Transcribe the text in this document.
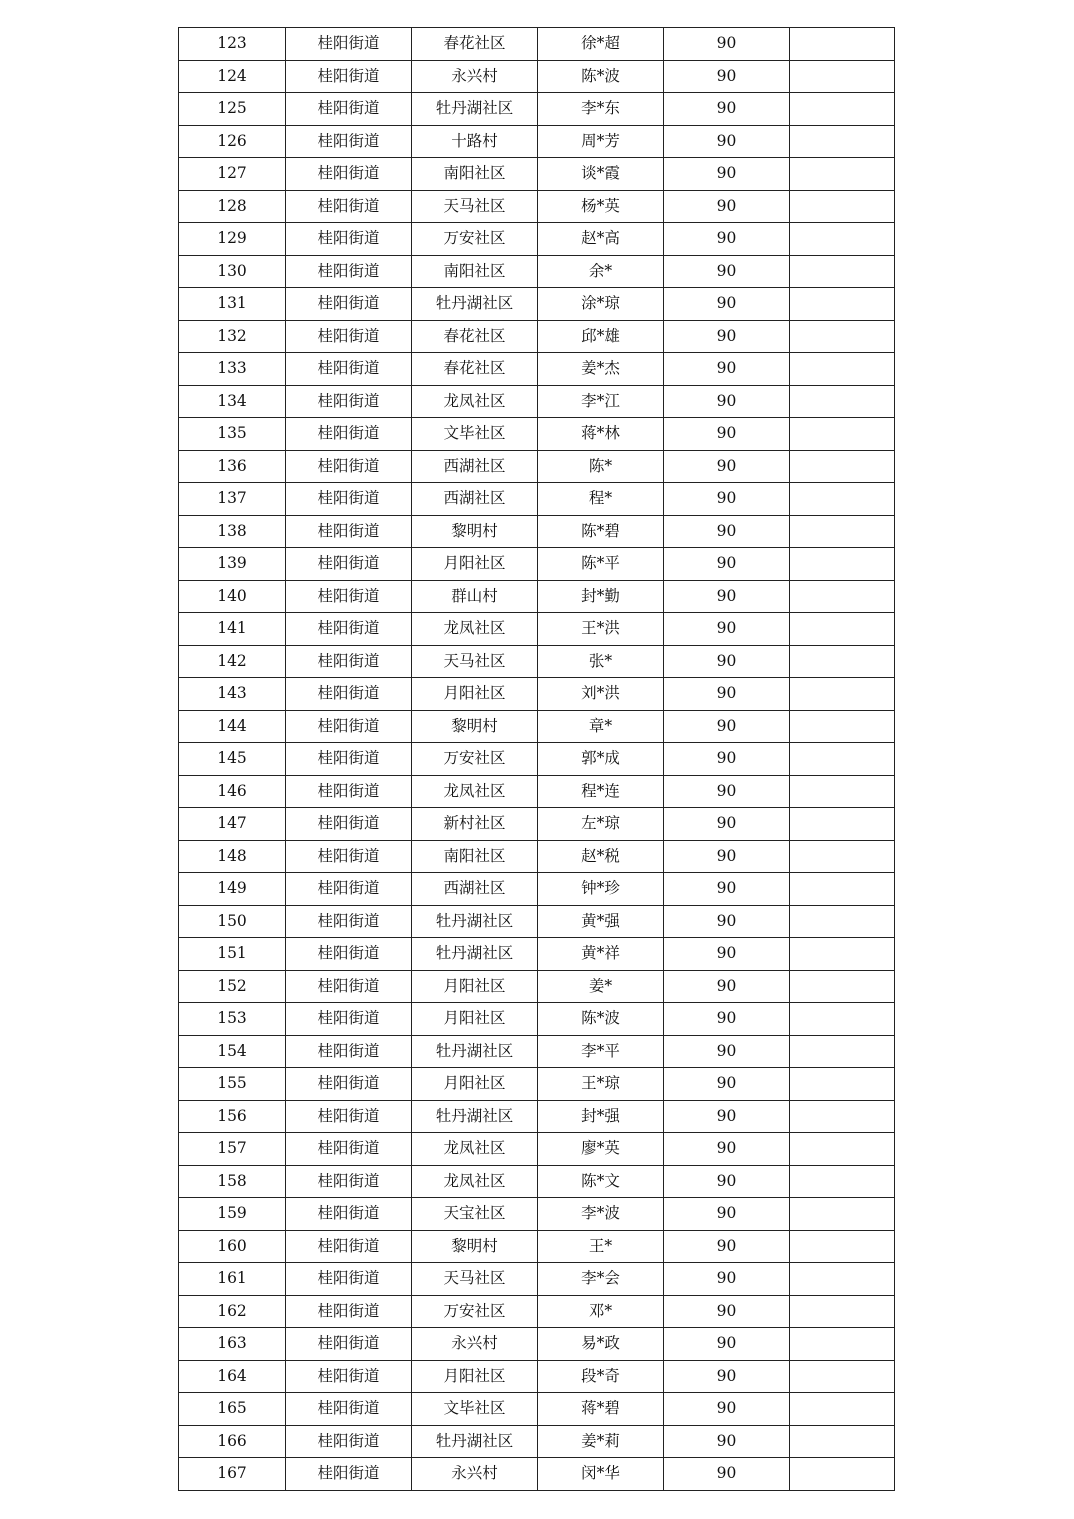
123	桂阳街道	春花社区	徐*超	90	
124	桂阳街道	永兴村	陈*波	90	
125	桂阳街道	牡丹湖社区	李*东	90	
126	桂阳街道	十路村	周*芳	90	
127	桂阳街道	南阳社区	谈*霞	90	
128	桂阳街道	天马社区	杨*英	90	
129	桂阳街道	万安社区	赵*高	90	
130	桂阳街道	南阳社区	余*	90	
131	桂阳街道	牡丹湖社区	涂*琼	90	
132	桂阳街道	春花社区	邱*雄	90	
133	桂阳街道	春花社区	姜*杰	90	
134	桂阳街道	龙凤社区	李*江	90	
135	桂阳街道	文毕社区	蒋*林	90	
136	桂阳街道	西湖社区	陈*	90	
137	桂阳街道	西湖社区	程*	90	
138	桂阳街道	黎明村	陈*碧	90	
139	桂阳街道	月阳社区	陈*平	90	
140	桂阳街道	群山村	封*勤	90	
141	桂阳街道	龙凤社区	王*洪	90	
142	桂阳街道	天马社区	张*	90	
143	桂阳街道	月阳社区	刘*洪	90	
144	桂阳街道	黎明村	章*	90	
145	桂阳街道	万安社区	郭*成	90	
146	桂阳街道	龙凤社区	程*连	90	
147	桂阳街道	新村社区	左*琼	90	
148	桂阳街道	南阳社区	赵*税	90	
149	桂阳街道	西湖社区	钟*珍	90	
150	桂阳街道	牡丹湖社区	黄*强	90	
151	桂阳街道	牡丹湖社区	黄*祥	90	
152	桂阳街道	月阳社区	姜*	90	
153	桂阳街道	月阳社区	陈*波	90	
154	桂阳街道	牡丹湖社区	李*平	90	
155	桂阳街道	月阳社区	王*琼	90	
156	桂阳街道	牡丹湖社区	封*强	90	
157	桂阳街道	龙凤社区	廖*英	90	
158	桂阳街道	龙凤社区	陈*文	90	
159	桂阳街道	天宝社区	李*波	90	
160	桂阳街道	黎明村	王*	90	
161	桂阳街道	天马社区	李*会	90	
162	桂阳街道	万安社区	邓*	90	
163	桂阳街道	永兴村	易*政	90	
164	桂阳街道	月阳社区	段*奇	90	
165	桂阳街道	文毕社区	蒋*碧	90	
166	桂阳街道	牡丹湖社区	姜*莉	90	
167	桂阳街道	永兴村	闵*华	90	
